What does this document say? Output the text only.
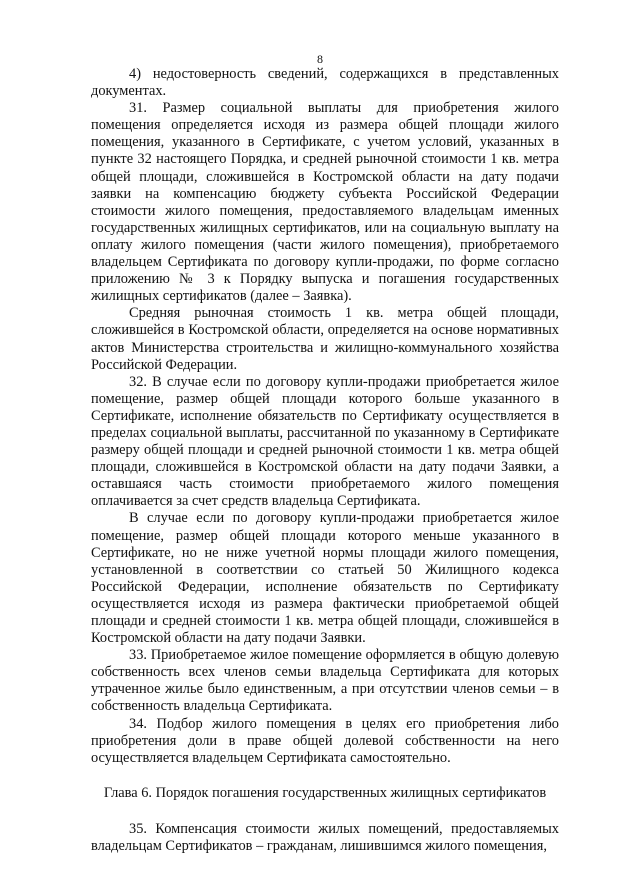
8

4) недостоверность сведений, содержащихся в представленных документах.

31. Размер социальной выплаты для приобретения жилого помещения определяется исходя из размера общей площади жилого помещения, указанного в Сертификате, с учетом условий, указанных в пункте 32 настоящего Порядка, и средней рыночной стоимости 1 кв. метра общей площади, сложившейся в Костромской области на дату подачи заявки на компенсацию бюджету субъекта Российской Федерации стоимости жилого помещения, предоставляемого владельцам именных государственных жилищных сертификатов, или на социальную выплату на оплату жилого помещения (части жилого помещения), приобретаемого владельцем Сертификата по договору купли-продажи, по форме согласно приложению № 3 к Порядку выпуска и погашения государственных жилищных сертификатов (далее – Заявка).

Средняя рыночная стоимость 1 кв. метра общей площади, сложившейся в Костромской области, определяется на основе нормативных актов Министерства строительства и жилищно-коммунального хозяйства Российской Федерации.

32. В случае если по договору купли-продажи приобретается жилое помещение, размер общей площади которого больше указанного в Сертификате, исполнение обязательств по Сертификату осуществляется в пределах социальной выплаты, рассчитанной по указанному в Сертификате размеру общей площади и средней рыночной стоимости 1 кв. метра общей площади, сложившейся в Костромской области на дату подачи Заявки, а оставшаяся часть стоимости приобретаемого жилого помещения оплачивается за счет средств владельца Сертификата.

В случае если по договору купли-продажи приобретается жилое помещение, размер общей площади которого меньше указанного в Сертификате, но не ниже учетной нормы площади жилого помещения, установленной в соответствии со статьей 50 Жилищного кодекса Российской Федерации, исполнение обязательств по Сертификату осуществляется исходя из размера фактически приобретаемой общей площади и средней стоимости 1 кв. метра общей площади, сложившейся в Костромской области на дату подачи Заявки.

33. Приобретаемое жилое помещение оформляется в общую долевую собственность всех членов семьи владельца Сертификата для которых утраченное жилье было единственным, а при отсутствии членов семьи – в собственность владельца Сертификата.

34. Подбор жилого помещения в целях его приобретения либо приобретения доли в праве общей долевой собственности на него осуществляется владельцем Сертификата самостоятельно.

Глава 6. Порядок погашения государственных жилищных сертификатов

35. Компенсация стоимости жилых помещений, предоставляемых владельцам Сертификатов – гражданам, лишившимся жилого помещения,
